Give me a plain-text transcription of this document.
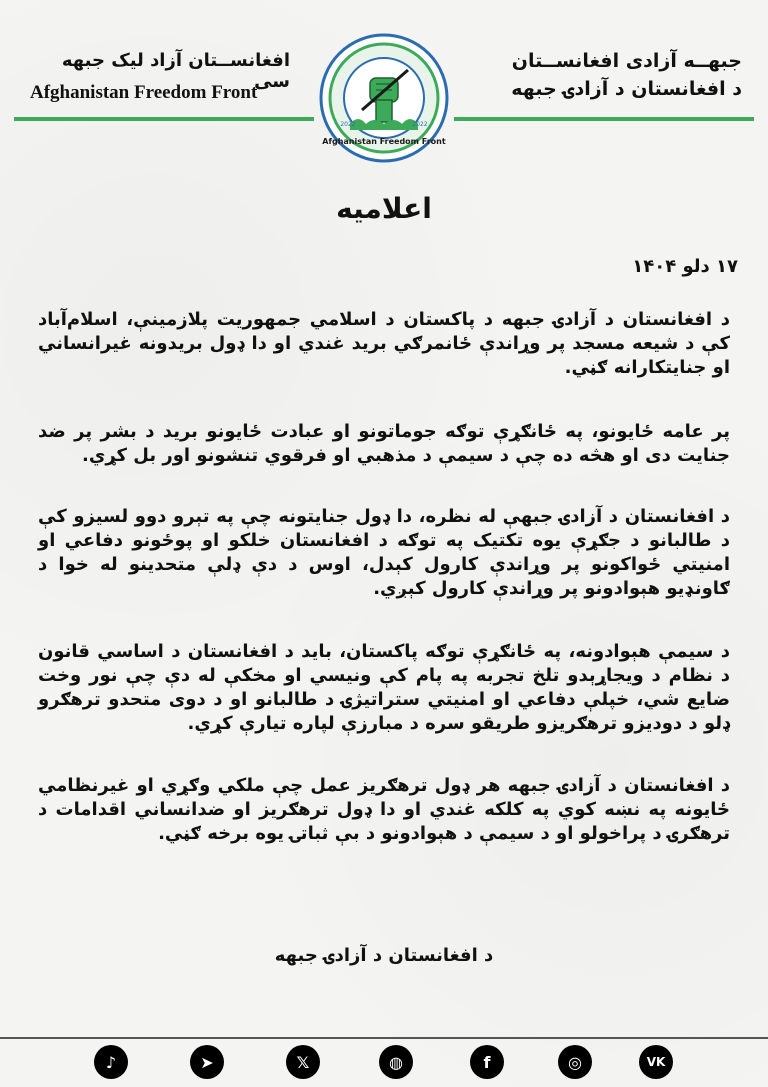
جبهــه آزادی افغانســتان
د افغانستان د آزادۍ جبهه
افغانســتان آزاد لیک جبهه سی
Afghanistan Freedom Front
Afghanistan Freedom Front
2022	2022
اعلامیه
۱۷ دلو ۱۴۰۴
د افغانستان د آزادۍ جبهه د پاکستان د اسلامي جمهوریت پلازمینې، اسلام‌آباد کې د شیعه مسجد پر وړاندې ځانمرګي برید غندي او دا ډول بریدونه غیرانساني او جنایتکارانه ګڼي.
پر عامه ځایونو، په ځانګړې توګه جوماتونو او عبادت ځایونو برید د بشر پر ضد جنایت دی او هڅه ده چې د سیمې د مذهبي او فرقوي تنشونو اور بل کړي.
د افغانستان د آزادۍ جبهې له نظره، دا ډول جنایتونه چې په تېرو دوو لسیزو کې د طالبانو د جګړې یوه تکتیک په توګه د افغانستان خلکو او پوځونو دفاعي او امنیتي ځواکونو پر وړاندې کارول کېدل، اوس د دې ډلې متحدینو له خوا د ګاونډیو هېوادونو پر وړاندې کارول کېږي.
د سیمې هېوادونه، په ځانګړې توګه پاکستان، باید د افغانستان د اساسي قانون د نظام د ویجاړېدو تلخ تجربه په پام کې ونیسي او مخکې له دې چې نور وخت ضایع شي، خپلې دفاعي او امنیتي ستراتیژۍ د طالبانو او د دوی متحدو ترهګرو ډلو د دودیزو ترهګریزو طریقو سره د مبارزې لپاره تیارې کړي.
د افغانستان د آزادۍ جبهه هر ډول ترهګریز عمل چې ملکي وګړي او غیرنظامي ځایونه په نښه کوي په کلکه غندي او دا ډول ترهګریز او ضدانساني اقدامات د ترهګرۍ د پراخولو او د سیمې د هېوادونو د بې ثباتۍ یوه برخه ګڼي.
د افغانستان د آزادۍ جبهه
♪	➤	𝕏	◍	f	◎	VK
